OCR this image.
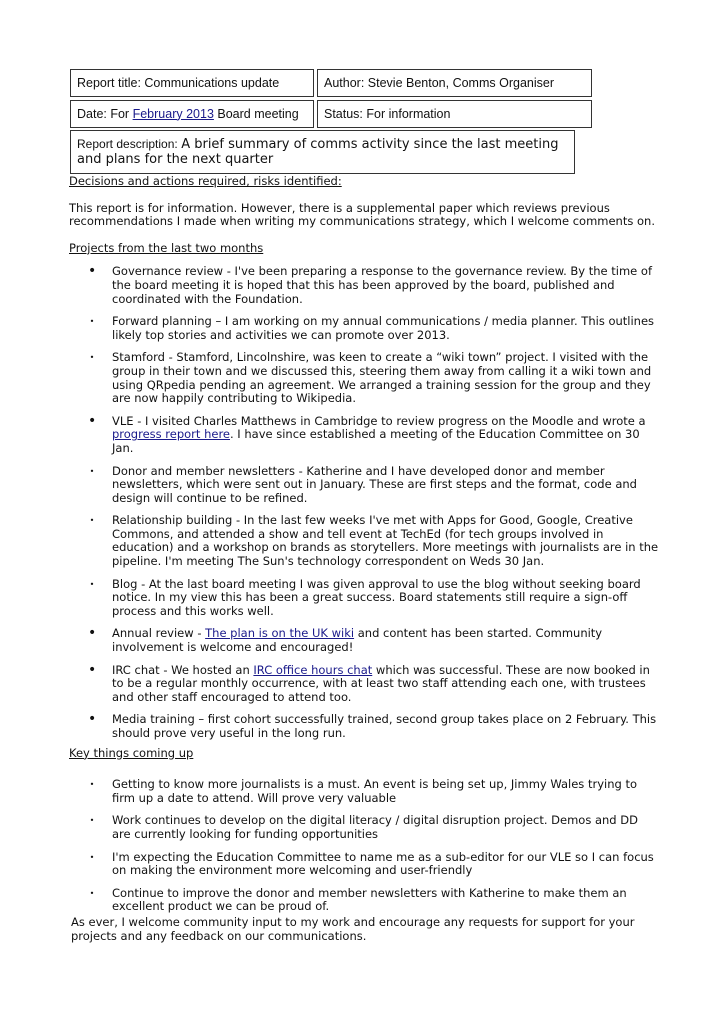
Report title:
Communications update	Author:
Stevie Benton, Comms Organiser
Date: For
February 2013
Board meeting Status:
For information
Report description: A brief summary of comms activity since the last meeting and plans for the next quarter

Decisions and actions required, risks identified:

This report is for information. However, there is a supplemental paper which reviews previous recommendations I made when writing my communications strategy, which I welcome comments on.

Projects from the last two months

• Governance review - I've been preparing a response to the governance review. By the time of the board meeting it is hoped that this has been approved by the board, published and coordinated with the Foundation.
• Forward planning – I am working on my annual communications / media planner. This outlines likely top stories and activities we can promote over 2013.
• Stamford - Stamford, Lincolnshire, was keen to create a “wiki town” project. I visited with the group in their town and we discussed this, steering them away from calling it a wiki town and using QRpedia pending an agreement. We arranged a training session for the group and they are now happily contributing to Wikipedia.
• VLE - I visited Charles Matthews in Cambridge to review progress on the Moodle and wrote a progress report here. I have since established a meeting of the Education Committee on 30 Jan.
• Donor and member newsletters - Katherine and I have developed donor and member newsletters, which were sent out in January. These are first steps and the format, code and design will continue to be refined.
• Relationship building - In the last few weeks I've met with Apps for Good, Google, Creative Commons, and attended a show and tell event at TechEd (for tech groups involved in education) and a workshop on brands as storytellers. More meetings with journalists are in the pipeline. I'm meeting The Sun's technology correspondent on Weds 30 Jan.
• Blog - At the last board meeting I was given approval to use the blog without seeking board notice. In my view this has been a great success. Board statements still require a sign-off process and this works well.
• Annual review - The plan is on the UK wiki and content has been started. Community involvement is welcome and encouraged!
• IRC chat - We hosted an IRC office hours chat which was successful. These are now booked in to be a regular monthly occurrence, with at least two staff attending each one, with trustees and other staff encouraged to attend too.
• Media training – first cohort successfully trained, second group takes place on 2 February. This should prove very useful in the long run.

Key things coming up

• Getting to know more journalists is a must. An event is being set up, Jimmy Wales trying to firm up a date to attend. Will prove very valuable
• Work continues to develop on the digital literacy / digital disruption project. Demos and DD are currently looking for funding opportunities
• I'm expecting the Education Committee to name me as a sub-editor for our VLE so I can focus on making the environment more welcoming and user-friendly
• Continue to improve the donor and member newsletters with Katherine to make them an excellent product we can be proud of.

As ever, I welcome community input to my work and encourage any requests for support for your projects and any feedback on our communications.
